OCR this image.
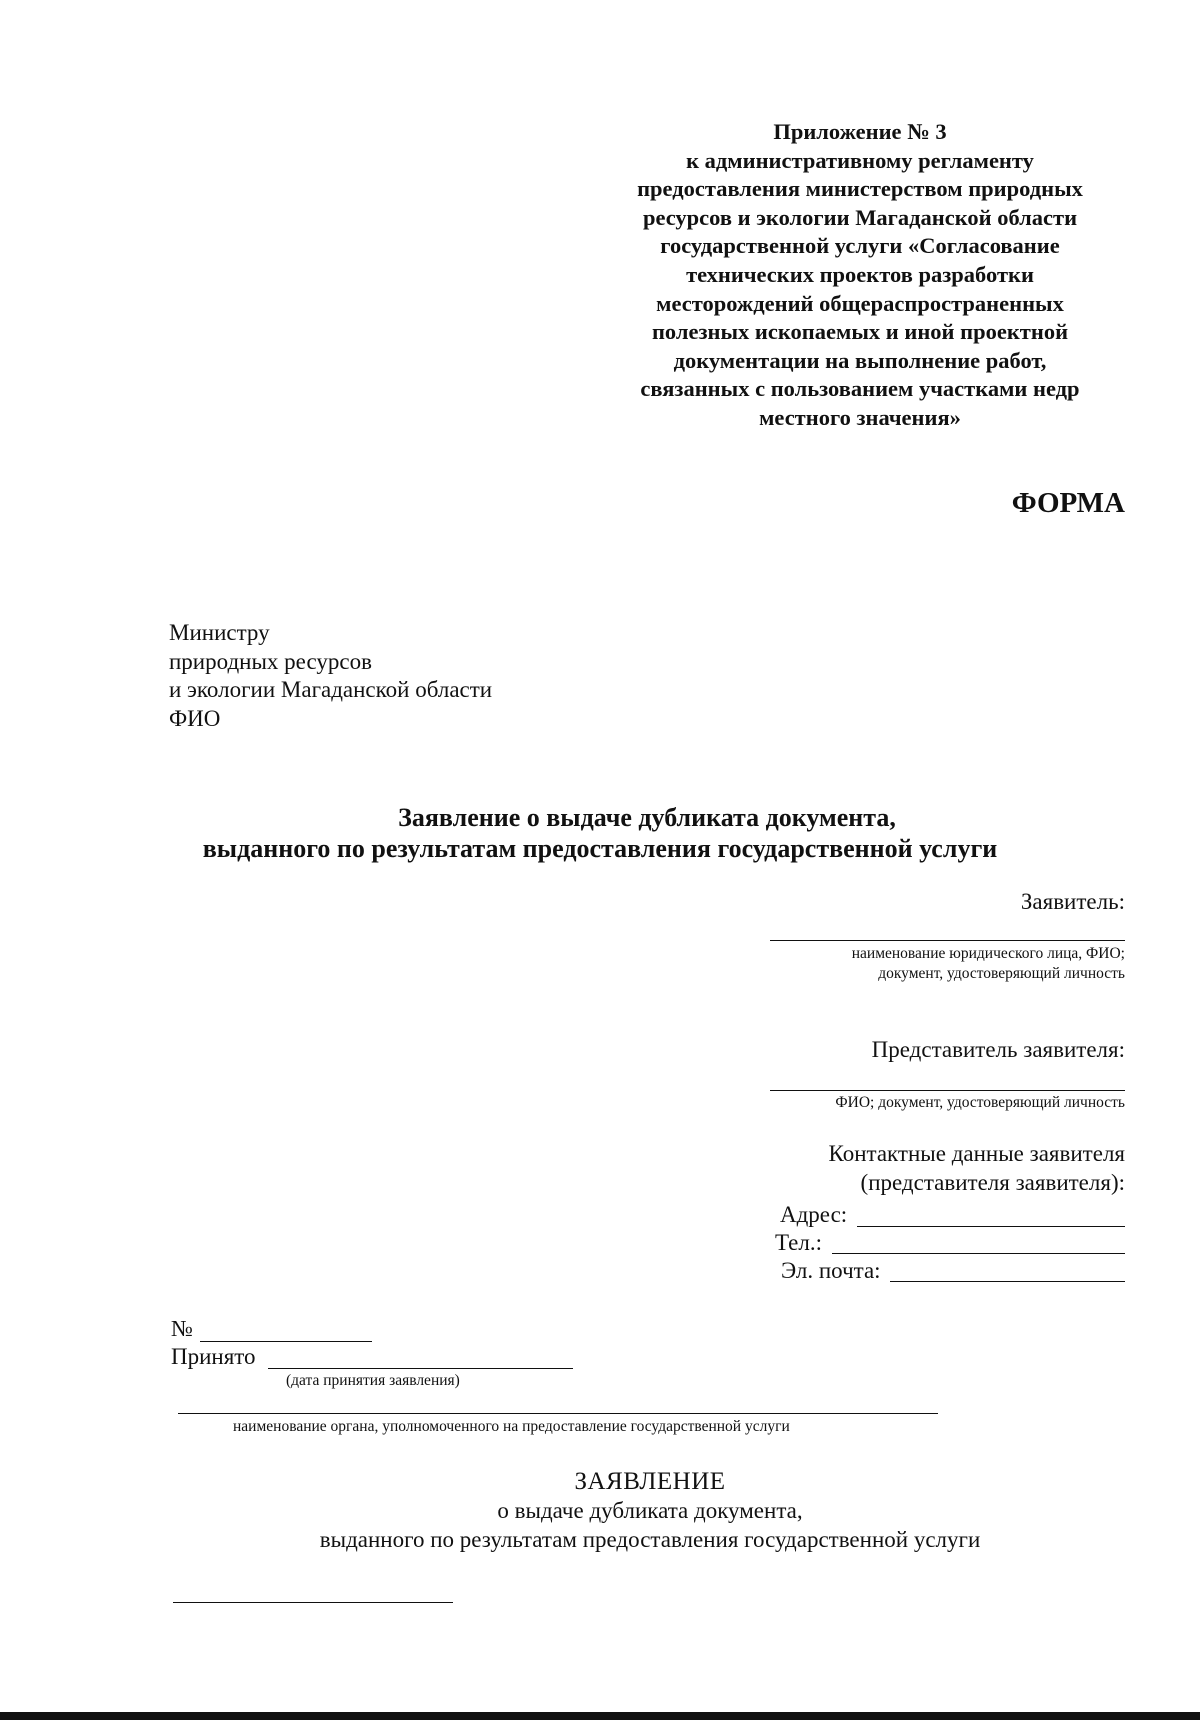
Приложение № 3
к административному регламенту
предоставления министерством природных
ресурсов и экологии Магаданской области
государственной услуги «Согласование
технических проектов разработки
месторождений общераспространенных
полезных ископаемых и иной проектной
документации на выполнение работ,
связанных с пользованием участками недр
местного значения»
ФОРМА
Министру
природных ресурсов
и экологии Магаданской области
ФИО
Заявление о выдаче дубликата документа,
выданного по результатам предоставления государственной услуги
Заявитель:
наименование юридического лица, ФИО;
документ, удостоверяющий личность
Представитель заявителя:
ФИО; документ, удостоверяющий личность
Контактные данные заявителя
(представителя заявителя):
Адрес:
Тел.:
Эл. почта:
№
Принято
(дата принятия заявления)
наименование органа, уполномоченного на предоставление государственной услуги
ЗАЯВЛЕНИЕ
о выдаче дубликата документа,
выданного по результатам предоставления государственной услуги
